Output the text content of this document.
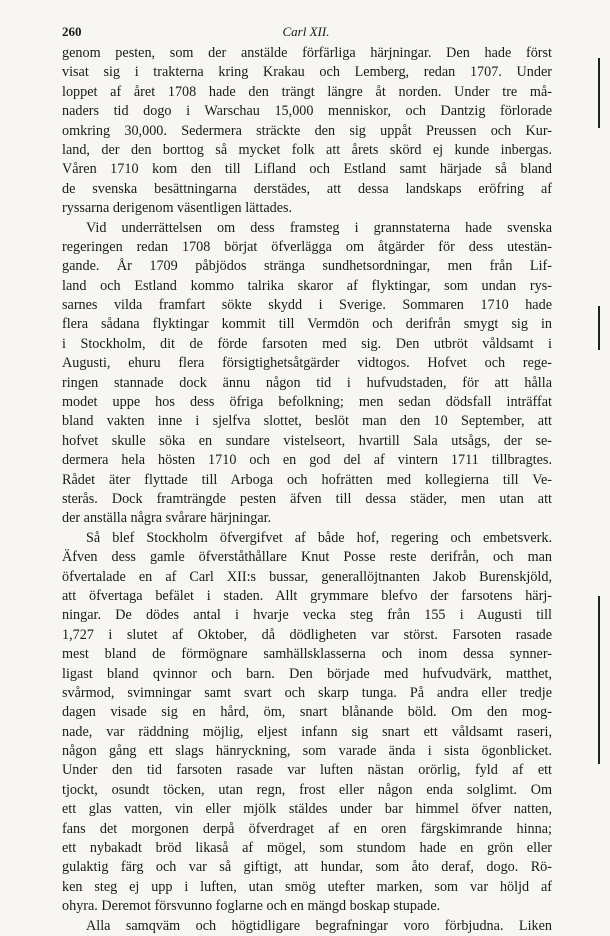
260	Carl XII.
genom pesten, som der anstälde förfärliga härjningar. Den hade först
visat sig i trakterna kring Krakau och Lemberg, redan 1707. Under
loppet af året 1708 hade den trängt längre åt norden. Under tre må-
naders tid dogo i Warschau 15,000 menniskor, och Dantzig förlorade
omkring 30,000. Sedermera sträckte den sig uppåt Preussen och Kur-
land, der den borttog så mycket folk att årets skörd ej kunde inbergas.
Våren 1710 kom den till Lifland och Estland samt härjade så bland
de svenska besättningarna derstädes, att dessa landskaps eröfring af
ryssarna derigenom väsentligen lättades.
Vid underrättelsen om dess framsteg i grannstaterna hade svenska
regeringen redan 1708 börjat öfverlägga om åtgärder för dess utestän-
gande. År 1709 påbjödos stränga sundhetsordningar, men från Lif-
land och Estland kommo talrika skaror af flyktingar, som undan rys-
sarnes vilda framfart sökte skydd i Sverige. Sommaren 1710 hade
flera sådana flyktingar kommit till Vermdön och derifrån smygt sig in
i Stockholm, dit de förde farsoten med sig. Den utbröt våldsamt i
Augusti, ehuru flera försigtighetsåtgärder vidtogos. Hofvet och rege-
ringen stannade dock ännu någon tid i hufvudstaden, för att hålla
modet uppe hos dess öfriga befolkning; men sedan dödsfall inträffat
bland vakten inne i sjelfva slottet, beslöt man den 10 September, att
hofvet skulle söka en sundare vistelseort, hvartill Sala utsågs, der se-
dermera hela hösten 1710 och en god del af vintern 1711 tillbragtes.
Rådet äter flyttade till Arboga och hofrätten med kollegierna till Ve-
sterås. Dock framträngde pesten äfven till dessa städer, men utan att
der anställa några svårare härjningar.
Så blef Stockholm öfvergifvet af både hof, regering och embetsverk.
Äfven dess gamle öfverståthållare Knut Posse reste derifrån, och man
öfvertalade en af Carl XII:s bussar, generallöjtnanten Jakob Burenskjöld,
att öfvertaga befälet i staden. Allt grymmare blefvo der farsotens härj-
ningar. De dödes antal i hvarje vecka steg från 155 i Augusti till
1,727 i slutet af Oktober, då dödligheten var störst. Farsoten rasade
mest bland de förmögnare samhällsklasserna och inom dessa synner-
ligast bland qvinnor och barn. Den började med hufvudvärk, matthet,
svårmod, svimningar samt svart och skarp tunga. På andra eller tredje
dagen visade sig en hård, öm, snart blånande böld. Om den mog-
nade, var räddning möjlig, eljest infann sig snart ett våldsamt raseri,
någon gång ett slags hänryckning, som varade ända i sista ögonblicket.
Under den tid farsoten rasade var luften nästan orörlig, fyld af ett
tjockt, osundt töcken, utan regn, frost eller någon enda solglimt. Om
ett glas vatten, vin eller mjölk stäldes under bar himmel öfver natten,
fans det morgonen derpå öfverdraget af en oren färgskimrande hinna;
ett nybakadt bröd likaså af mögel, som stundom hade en grön eller
gulaktig färg och var så giftigt, att hundar, som åto deraf, dogo. Rö-
ken steg ej upp i luften, utan smög utefter marken, som var höljd af
ohyra. Deremot försvunno foglarne och en mängd boskap stupade.
Alla samqväm och högtidligare begrafningar voro förbjudna. Liken
